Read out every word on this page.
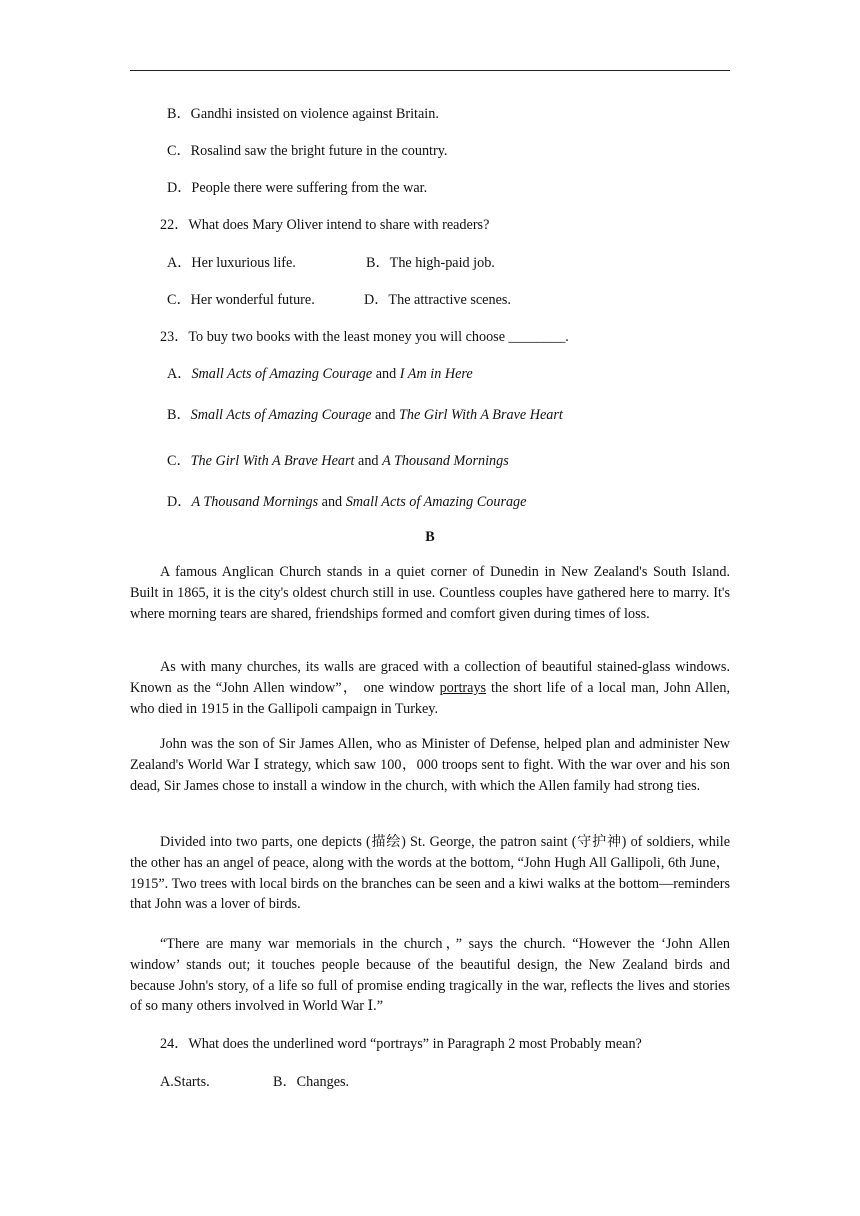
B．Gandhi insisted on violence against Britain.
C．Rosalind saw the bright future in the country.
D．People there were suffering from the war.
22．What does Mary Oliver intend to share with readers?
A．Her luxurious life.	B．The high-paid job.
C．Her wonderful future.	D．The attractive scenes.
23．To buy two books with the least money you will choose ________.
A．Small Acts of Amazing Courage and I Am in Here
B．Small Acts of Amazing Courage and The Girl With A Brave Heart
C．The Girl With A Brave Heart and A Thousand Mornings
D．A Thousand Mornings and Small Acts of Amazing Courage
B
A famous Anglican Church stands in a quiet corner of Dunedin in New Zealand's South Island. Built in 1865, it is the city's oldest church still in use. Countless couples have gathered here to marry. It's where morning tears are shared, friendships formed and comfort given during times of loss.
As with many churches, its walls are graced with a collection of beautiful stained-glass windows. Known as the “John Allen window”， one window portrays the short life of a local man, John Allen, who died in 1915 in the Gallipoli campaign in Turkey.
John was the son of Sir James Allen, who as Minister of Defense, helped plan and administer New Zealand's World War Ⅰ strategy, which saw 100，000 troops sent to fight. With the war over and his son dead, Sir James chose to install a window in the church, with which the Allen family had strong ties.
Divided into two parts, one depicts (描绘) St. George, the patron saint (守护神) of soldiers, while the other has an angel of peace, along with the words at the bottom, “John Hugh All Gallipoli, 6th June，1915”. Two trees with local birds on the branches can be seen and a kiwi walks at the bottom—reminders that John was a lover of birds.
“There are many war memorials in the church，” says the church. “However the ‘John Allen window’ stands out; it touches people because of the beautiful design, the New Zealand birds and because John's story, of a life so full of promise ending tragically in the war, reflects the lives and stories of so many others involved in World War Ⅰ.”
24．What does the underlined word “portrays” in Paragraph 2 most Probably mean?
A.Starts.	B．Changes.
